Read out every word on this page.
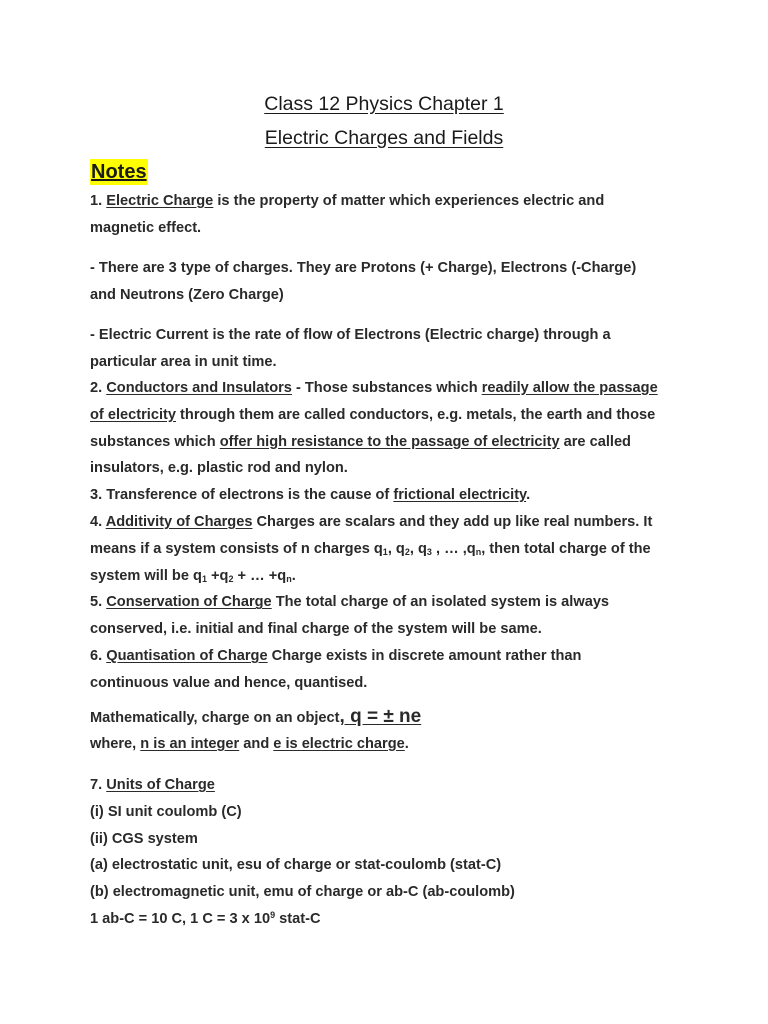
Class 12 Physics Chapter 1
Electric Charges and Fields
Notes

1. Electric Charge is the property of matter which experiences electric and

magnetic effect.

- There are 3 type of charges. They are Protons (+ Charge), Electrons (-Charge)

and Neutrons (Zero Charge)

- Electric Current is the rate of flow of Electrons (Electric charge) through a

particular area in unit time.

2. Conductors and Insulators - Those substances which readily allow the passage

of electricity through them are called conductors, e.g. metals, the earth and those

substances which offer high resistance to the passage of electricity are called

insulators, e.g. plastic rod and nylon.

3. Transference of electrons is the cause of frictional electricity.

4. Additivity of Charges Charges are scalars and they add up like real numbers. It

means if a system consists of n charges $q_1$, $q_2$, $q_3$ , … $,q_n$, then total charge of the

system will be $q_1 +q_2$ + … $+q_n$.

5. Conservation of Charge The total charge of an isolated system is always

conserved, i.e. initial and final charge of the system will be same.

6. Quantisation of Charge Charge exists in discrete amount rather than

continuous value and hence, quantised.

Mathematically, charge on an object, q = ± ne

where, n is an integer and e is electric charge.

7. Units of Charge

(i) SI unit coulomb (C)

(ii) CGS system

(a) electrostatic unit, esu of charge or stat-coulomb (stat-C)

(b) electromagnetic unit, emu of charge or ab-C (ab-coulomb)

1 ab-C = 10 C, 1 C = 3 x $10^9$ stat-C
